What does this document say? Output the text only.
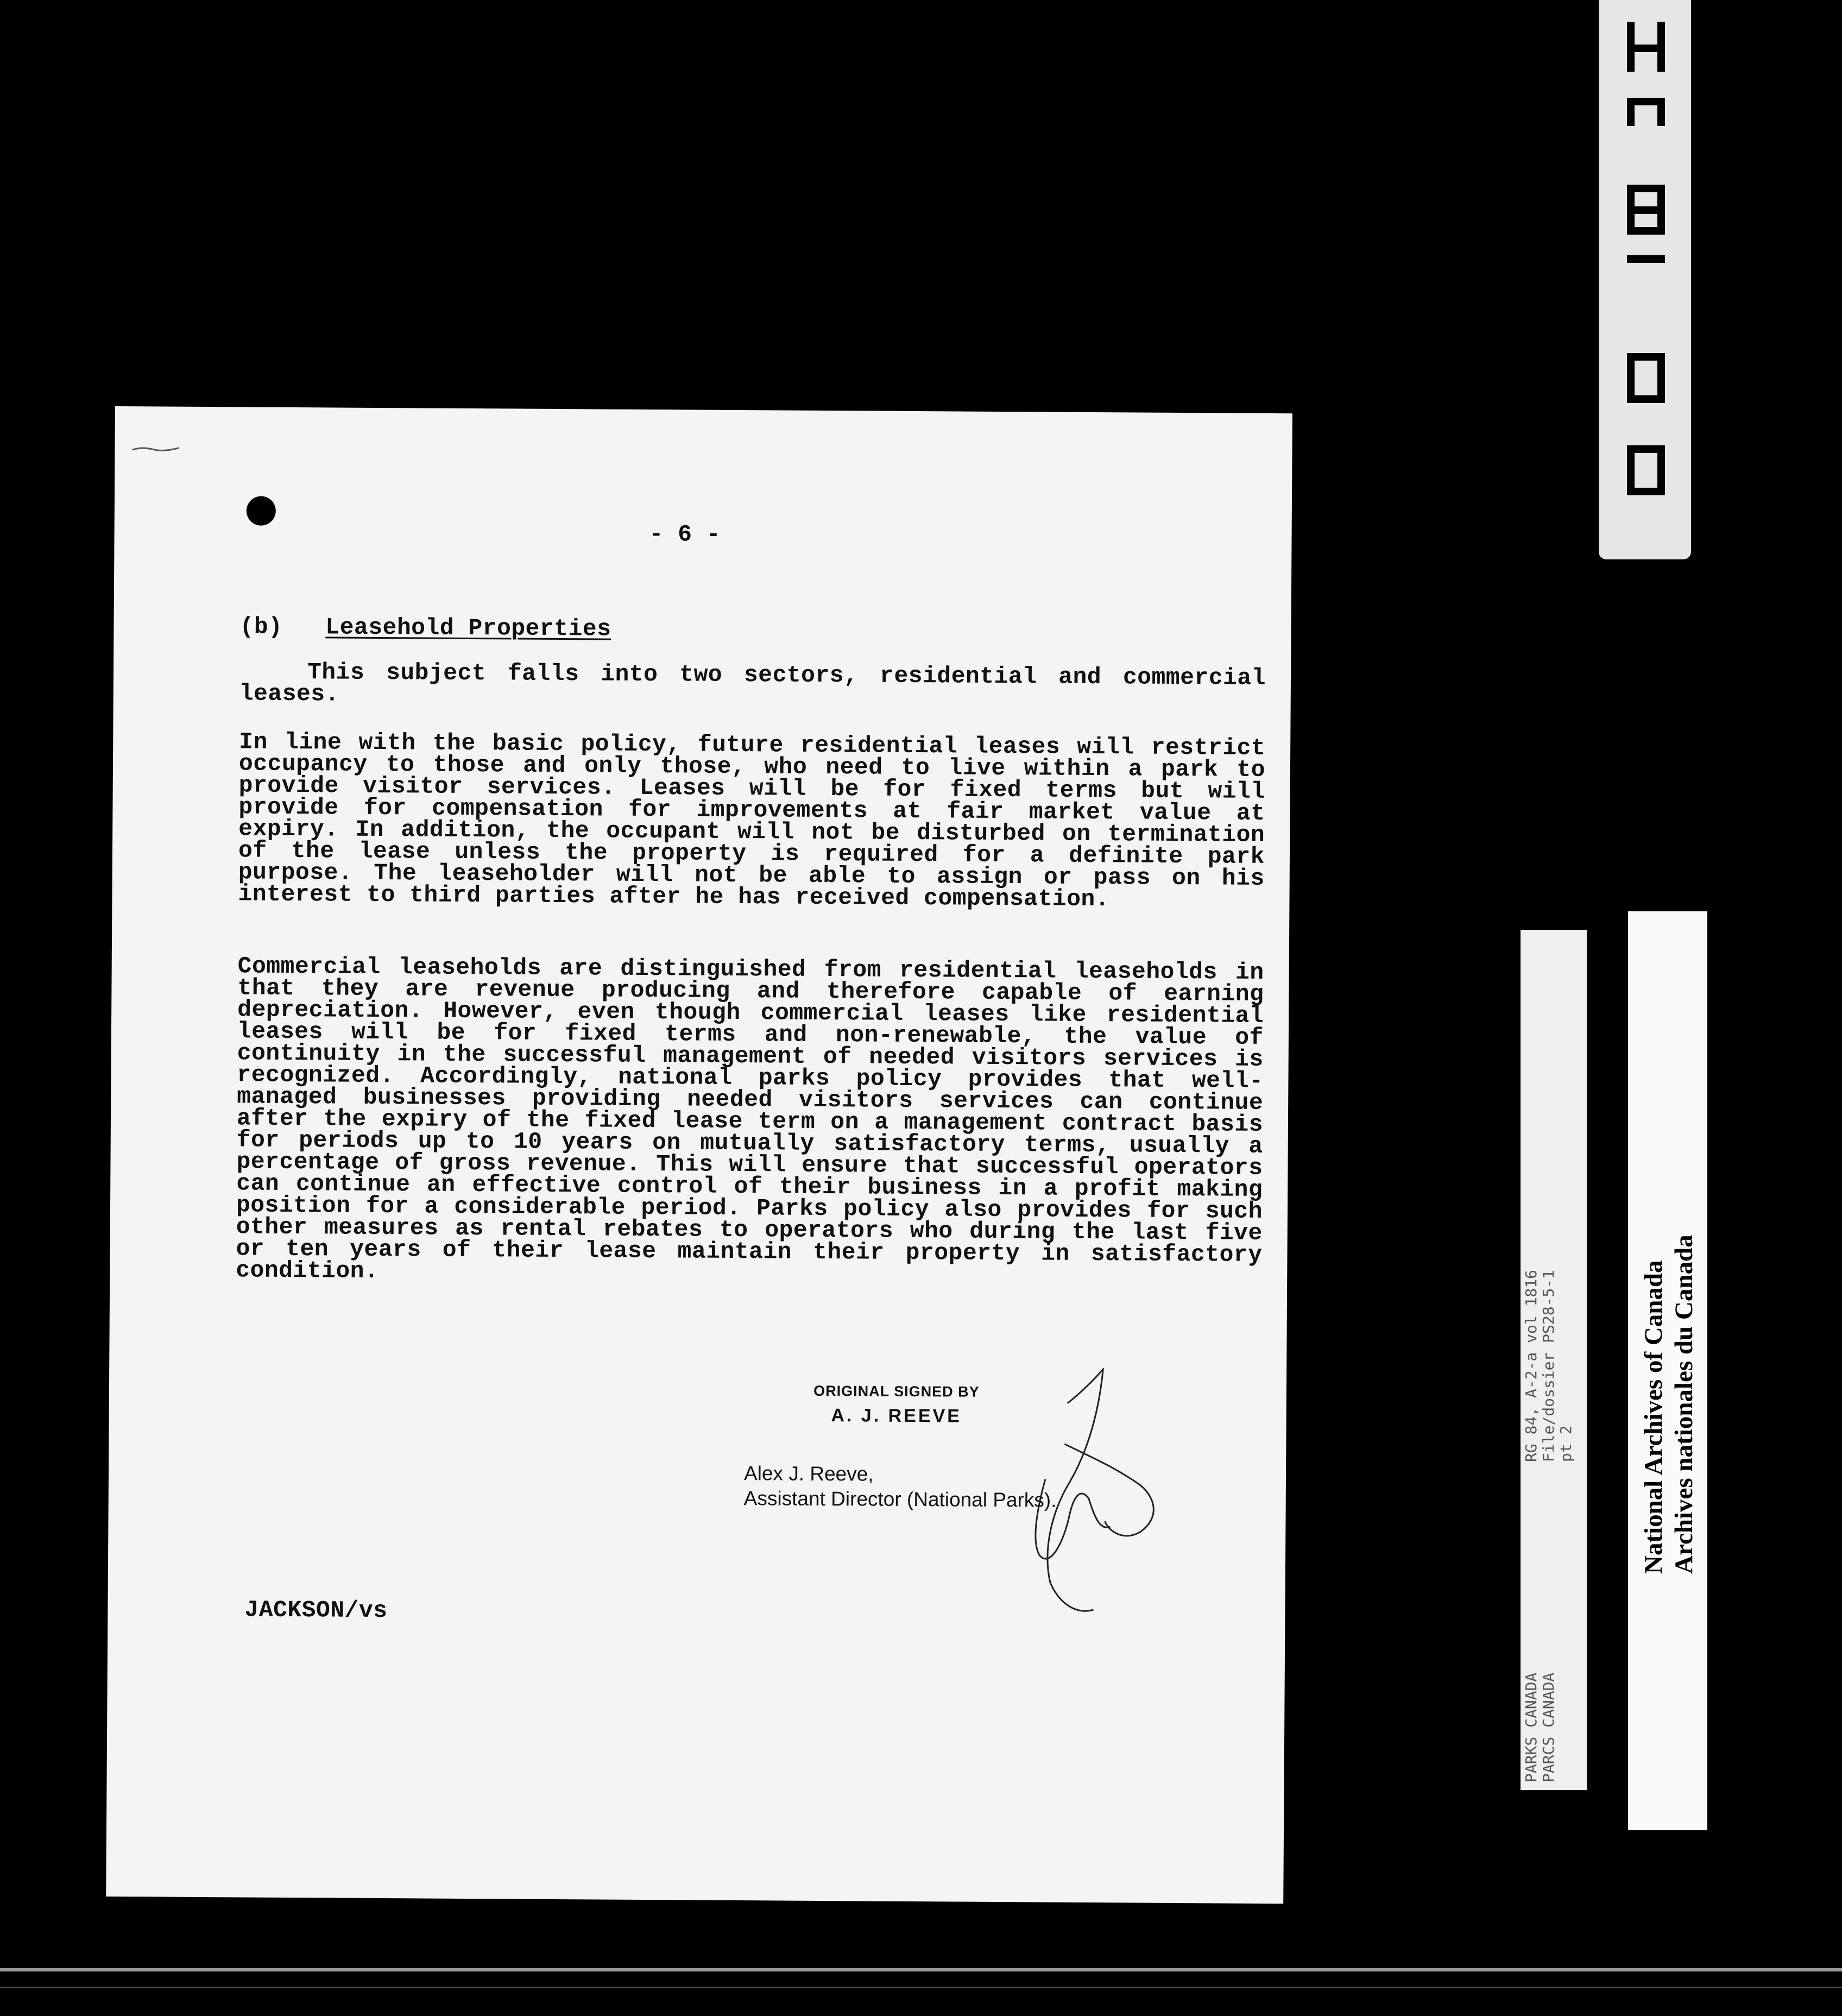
- 6 -

(b) Leasehold Properties

This subject falls into two sectors, residential and commercial leases.

In line with the basic policy, future residential leases will restrict occupancy to those and only those, who need to live within a park to provide visitor services. Leases will be for fixed terms but will provide for compensation for improvements at fair market value at expiry. In addition, the occupant will not be disturbed on termination of the lease unless the property is required for a definite park purpose. The leaseholder will not be able to assign or pass on his interest to third parties after he has received compensation.

Commercial leaseholds are distinguished from residential leaseholds in that they are revenue producing and therefore capable of earning depreciation. However, even though commercial leases like residential leases will be for fixed terms and non-renewable, the value of continuity in the successful management of needed visitors services is recognized. Accordingly, national parks policy provides that well-managed businesses providing needed visitors services can continue after the expiry of the fixed lease term on a management contract basis for periods up to 10 years on mutually satisfactory terms, usually a percentage of gross revenue. This will ensure that successful operators can continue an effective control of their business in a profit making position for a considerable period. Parks policy also provides for such other measures as rental rebates to operators who during the last five or ten years of their lease maintain their property in satisfactory condition.

ORIGINAL SIGNED BY
A. J. REEVE
Alex J. Reeve,
Assistant Director (National Parks).

JACKSON/vs

RG 84, A-2-a vol 1816 File/dossier PS28-5-1 pt 2
PARKS CANADA PARCS CANADA
National Archives of Canada Archives nationales du Canada
